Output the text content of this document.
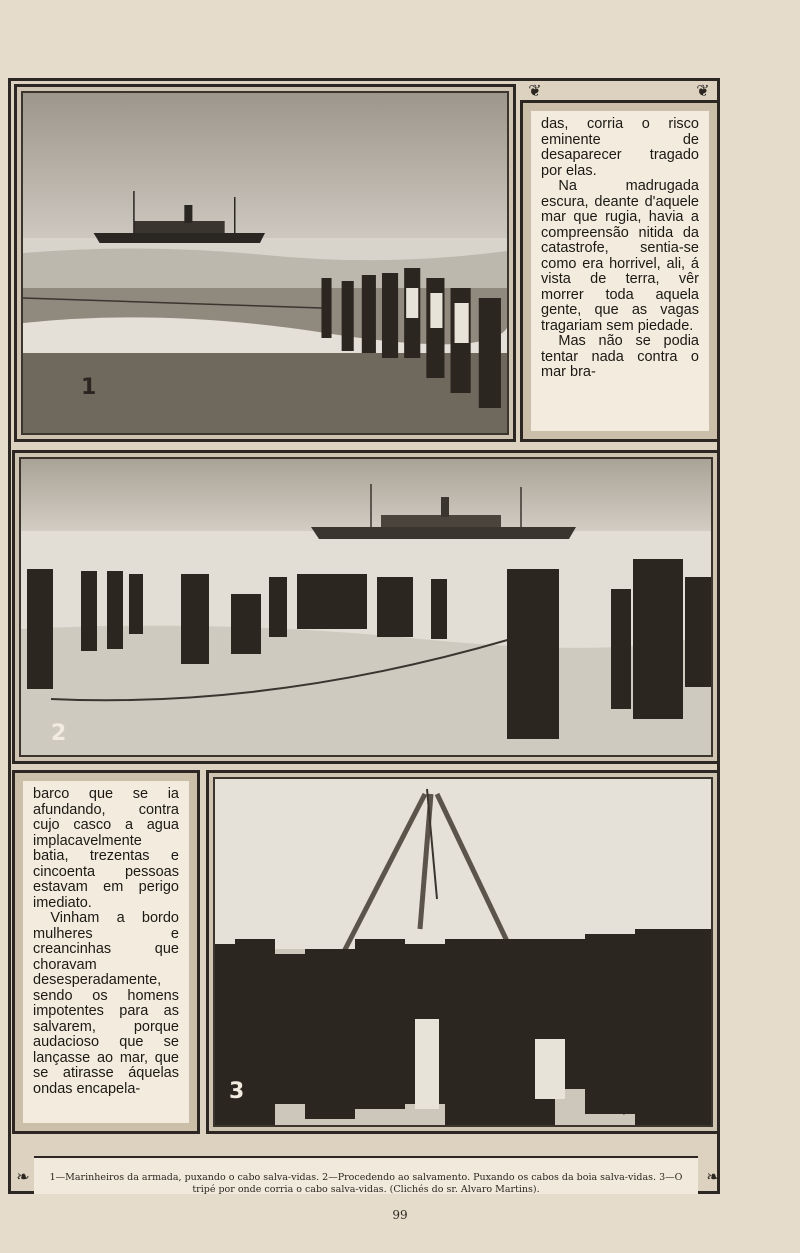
❦	❦
❧	❧
1

das, corria o risco eminente de desaparecer tragado por elas.

Na madrugada escura, deante d'aquele mar que rugia, havia a compreensão nitida da catastrofe, sentia-se como era horrivel, ali, á vista de terra, vêr morrer toda aquela gente, que as vagas tragariam sem piedade.

Mas não se podia tentar nada contra o mar bra-

2

barco que se ia afundando, contra cujo casco a agua implacavelmente batia, trezentas e cincoenta pessoas estavam em perigo imediato.

Vinham a bordo mulheres e creancinhas que choravam desesperadamente, sendo os homens impotentes para as salvarem, porque audacioso que se lançasse ao mar, que se atirasse áquelas ondas encapela-	3
1—Marinheiros da armada, puxando o cabo salva-vidas. 2—Procedendo ao salvamento. Puxando os cabos da boia salva-vidas. 3—O tripé por onde corria o cabo salva-vidas. (Clichés do sr. Alvaro Martins).
99
